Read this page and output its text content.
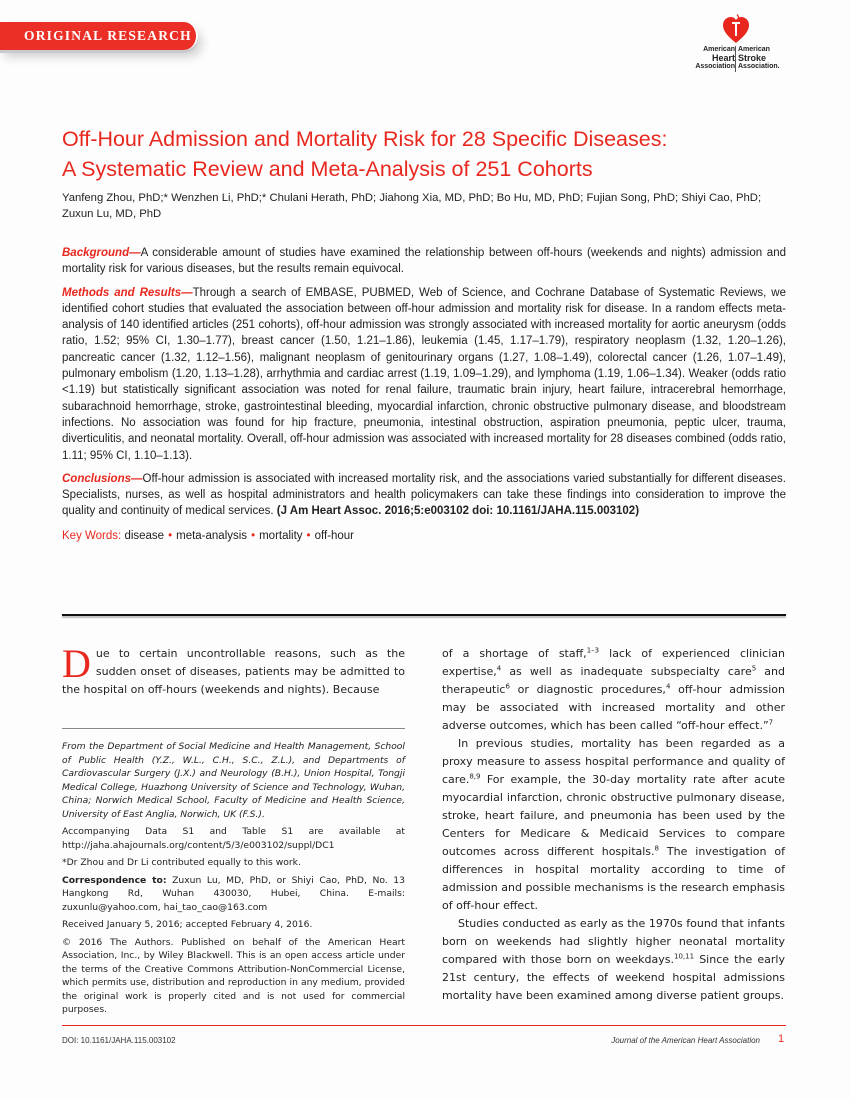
ORIGINAL RESEARCH
American
Heart
Association
American
Stroke
Association.
Off-Hour Admission and Mortality Risk for 28 Specific Diseases:
A Systematic Review and Meta-Analysis of 251 Cohorts
Yanfeng Zhou, PhD;* Wenzhen Li, PhD;* Chulani Herath, PhD; Jiahong Xia, MD, PhD; Bo Hu, MD, PhD; Fujian Song, PhD; Shiyi Cao, PhD;
Zuxun Lu, MD, PhD

Background—A considerable amount of studies have examined the relationship between off-hours (weekends and nights) admission and mortality risk for various diseases, but the results remain equivocal.

Methods and Results—Through a search of EMBASE, PUBMED, Web of Science, and Cochrane Database of Systematic Reviews, we identified cohort studies that evaluated the association between off-hour admission and mortality risk for disease. In a random effects meta-analysis of 140 identified articles (251 cohorts), off-hour admission was strongly associated with increased mortality for aortic aneurysm (odds ratio, 1.52; 95% CI, 1.30–1.77), breast cancer (1.50, 1.21–1.86), leukemia (1.45, 1.17–1.79), respiratory neoplasm (1.32, 1.20–1.26), pancreatic cancer (1.32, 1.12–1.56), malignant neoplasm of genitourinary organs (1.27, 1.08–1.49), colorectal cancer (1.26, 1.07–1.49), pulmonary embolism (1.20, 1.13–1.28), arrhythmia and cardiac arrest (1.19, 1.09–1.29), and lymphoma (1.19, 1.06–1.34). Weaker (odds ratio <1.19) but statistically significant association was noted for renal failure, traumatic brain injury, heart failure, intracerebral hemorrhage, subarachnoid hemorrhage, stroke, gastrointestinal bleeding, myocardial infarction, chronic obstructive pulmonary disease, and bloodstream infections. No association was found for hip fracture, pneumonia, intestinal obstruction, aspiration pneumonia, peptic ulcer, trauma, diverticulitis, and neonatal mortality. Overall, off-hour admission was associated with increased mortality for 28 diseases combined (odds ratio, 1.11; 95% CI, 1.10–1.13).

Conclusions—Off-hour admission is associated with increased mortality risk, and the associations varied substantially for different diseases. Specialists, nurses, as well as hospital administrators and health policymakers can take these findings into consideration to improve the quality and continuity of medical services. (J Am Heart Assoc. 2016;5:e003102 doi: 10.1161/JAHA.115.003102)

Key Words: disease • meta-analysis • mortality • off-hour
Due to certain uncontrollable reasons, such as the sudden onset of diseases, patients may be admitted to the hospital on off-hours (weekends and nights). Because

From the Department of Social Medicine and Health Management, School of Public Health (Y.Z., W.L., C.H., S.C., Z.L.), and Departments of Cardiovascular Surgery (J.X.) and Neurology (B.H.), Union Hospital, Tongji Medical College, Huazhong University of Science and Technology, Wuhan, China; Norwich Medical School, Faculty of Medicine and Health Science, University of East Anglia, Norwich, UK (F.S.).

Accompanying Data S1 and Table S1 are available at http://jaha.ahajournals.org/content/5/3/e003102/suppl/DC1

*Dr Zhou and Dr Li contributed equally to this work.

Correspondence to: Zuxun Lu, MD, PhD, or Shiyi Cao, PhD, No. 13 Hangkong Rd, Wuhan 430030, Hubei, China. E-mails: zuxunlu@yahoo.com, hai_tao_cao@163.com

Received January 5, 2016; accepted February 4, 2016.

© 2016 The Authors. Published on behalf of the American Heart Association, Inc., by Wiley Blackwell. This is an open access article under the terms of the Creative Commons Attribution-NonCommercial License, which permits use, distribution and reproduction in any medium, provided the original work is properly cited and is not used for commercial purposes.

of a shortage of staff,$^{1-3}$ lack of experienced clinician expertise,$^4$ as well as inadequate subspecialty care$^5$ and therapeutic$^6$ or diagnostic procedures,$^4$ off-hour admission may be associated with increased mortality and other adverse outcomes, which has been called “off-hour effect.”$^7$

In previous studies, mortality has been regarded as a proxy measure to assess hospital performance and quality of care.$^{8,9}$ For example, the 30-day mortality rate after acute myocardial infarction, chronic obstructive pulmonary disease, stroke, heart failure, and pneumonia has been used by the Centers for Medicare & Medicaid Services to compare outcomes across different hospitals.$^8$ The investigation of differences in hospital mortality according to time of admission and possible mechanisms is the research emphasis of off-hour effect.

Studies conducted as early as the 1970s found that infants born on weekends had slightly higher neonatal mortality compared with those born on weekdays.$^{10,11}$ Since the early 21st century, the effects of weekend hospital admissions mortality have been examined among diverse patient groups.

DOI: 10.1161/JAHA.115.003102	Journal of the American Heart Association 1
